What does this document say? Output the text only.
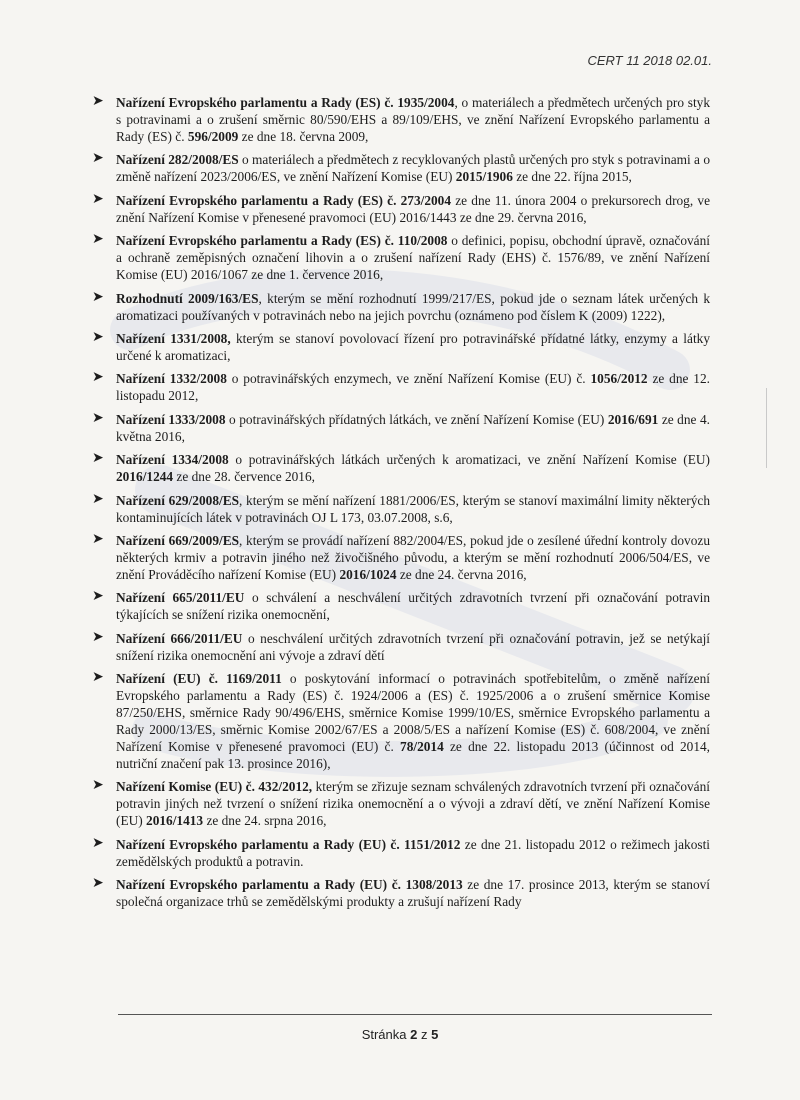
CERT 11 2018 02.01.
➤ Nařízení Evropského parlamentu a Rady (ES) č. 1935/2004, o materiálech a předmětech určených pro styk s potravinami a o zrušení směrnic 80/590/EHS a 89/109/EHS, ve znění Nařízení Evropského parlamentu a Rady (ES) č. 596/2009 ze dne 18. června 2009,
➤ Nařízení 282/2008/ES o materiálech a předmětech z recyklovaných plastů určených pro styk s potravinami a o změně nařízení 2023/2006/ES, ve znění Nařízení Komise (EU) 2015/1906 ze dne 22. října 2015,
➤ Nařízení Evropského parlamentu a Rady (ES) č. 273/2004 ze dne 11. února 2004 o prekursorech drog, ve znění Nařízení Komise v přenesené pravomoci (EU) 2016/1443 ze dne 29. června 2016,
➤ Nařízení Evropského parlamentu a Rady (ES) č. 110/2008 o definici, popisu, obchodní úpravě, označování a ochraně zeměpisných označení lihovin a o zrušení nařízení Rady (EHS) č. 1576/89, ve znění Nařízení Komise (EU) 2016/1067 ze dne 1. července 2016,
➤ Rozhodnutí 2009/163/ES, kterým se mění rozhodnutí 1999/217/ES, pokud jde o seznam látek určených k aromatizaci používaných v potravinách nebo na jejich povrchu (oznámeno pod číslem K (2009) 1222),
➤ Nařízení 1331/2008, kterým se stanoví povolovací řízení pro potravinářské přídatné látky, enzymy a látky určené k aromatizaci,
➤ Nařízení 1332/2008 o potravinářských enzymech, ve znění Nařízení Komise (EU) č. 1056/2012 ze dne 12. listopadu 2012,
➤ Nařízení 1333/2008 o potravinářských přídatných látkách, ve znění Nařízení Komise (EU) 2016/691 ze dne 4. května 2016,
➤ Nařízení 1334/2008 o potravinářských látkách určených k aromatizaci, ve znění Nařízení Komise (EU) 2016/1244 ze dne 28. července 2016,
➤ Nařízení 629/2008/ES, kterým se mění nařízení 1881/2006/ES, kterým se stanoví maximální limity některých kontaminujících látek v potravinách OJ L 173, 03.07.2008, s.6,
➤ Nařízení 669/2009/ES, kterým se provádí nařízení 882/2004/ES, pokud jde o zesílené úřední kontroly dovozu některých krmiv a potravin jiného než živočišného původu, a kterým se mění rozhodnutí 2006/504/ES, ve znění Prováděcího nařízení Komise (EU) 2016/1024 ze dne 24. června 2016,
➤ Nařízení 665/2011/EU o schválení a neschválení určitých zdravotních tvrzení při označování potravin týkajících se snížení rizika onemocnění,
➤ Nařízení 666/2011/EU o neschválení určitých zdravotních tvrzení při označování potravin, jež se netýkají snížení rizika onemocnění ani vývoje a zdraví dětí
➤ Nařízení (EU) č. 1169/2011 o poskytování informací o potravinách spotřebitelům, o změně nařízení Evropského parlamentu a Rady (ES) č. 1924/2006 a (ES) č. 1925/2006 a o zrušení směrnice Komise 87/250/EHS, směrnice Rady 90/496/EHS, směrnice Komise 1999/10/ES, směrnice Evropského parlamentu a Rady 2000/13/ES, směrnic Komise 2002/67/ES a 2008/5/ES a nařízení Komise (ES) č. 608/2004, ve znění Nařízení Komise v přenesené pravomoci (EU) č. 78/2014 ze dne 22. listopadu 2013 (účinnost od 2014, nutriční značení pak 13. prosince 2016),
➤ Nařízení Komise (EU) č. 432/2012, kterým se zřizuje seznam schválených zdravotních tvrzení při označování potravin jiných než tvrzení o snížení rizika onemocnění a o vývoji a zdraví dětí, ve znění Nařízení Komise (EU) 2016/1413 ze dne 24. srpna 2016,
➤ Nařízení Evropského parlamentu a Rady (EU) č. 1151/2012 ze dne 21. listopadu 2012 o režimech jakosti zemědělských produktů a potravin.
➤ Nařízení Evropského parlamentu a Rady (EU) č. 1308/2013 ze dne 17. prosince 2013, kterým se stanoví společná organizace trhů se zemědělskými produkty a zrušují nařízení Rady
Stránka 2 z 5
